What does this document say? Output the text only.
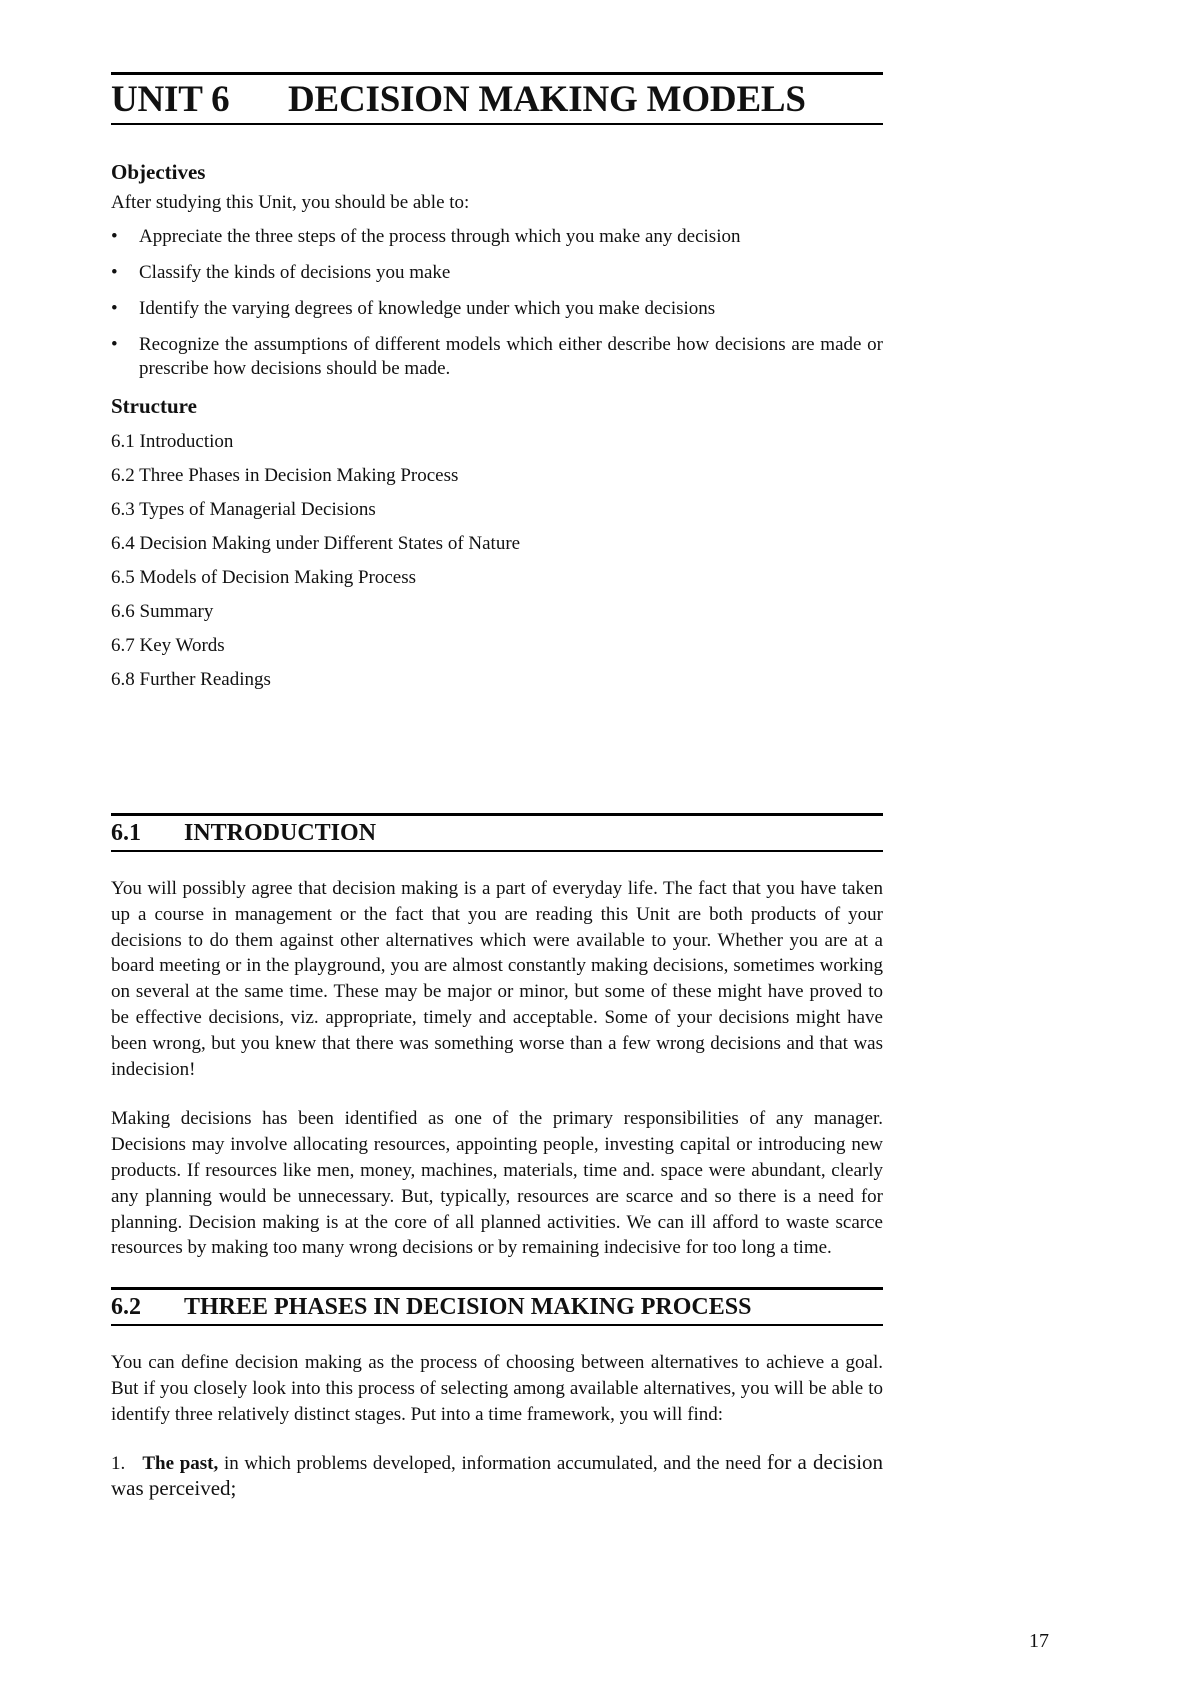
UNIT 6 DECISION MAKING MODELS
Objectives
After studying this Unit, you should be able to:
• Appreciate the three steps of the process through which you make any decision
• Classify the kinds of decisions you make
• Identify the varying degrees of knowledge under which you make decisions
• Recognize the assumptions of different models which either describe how decisions are made or prescribe how decisions should be made.
Structure
6.1 Introduction
6.2 Three Phases in Decision Making Process
6.3 Types of Managerial Decisions
6.4 Decision Making under Different States of Nature
6.5 Models of Decision Making Process
6.6 Summary
6.7 Key Words
6.8 Further Readings
6.1 INTRODUCTION

You will possibly agree that decision making is a part of everyday life. The fact that you have taken up a course in management or the fact that you are reading this Unit are both products of your decisions to do them against other alternatives which were available to your. Whether you are at a board meeting or in the playground, you are almost constantly making decisions, sometimes working on several at the same time. These may be major or minor, but some of these might have proved to be effective decisions, viz. appropriate, timely and acceptable. Some of your decisions might have been wrong, but you knew that there was something worse than a few wrong decisions and that was indecision!

Making decisions has been identified as one of the primary responsibilities of any manager. Decisions may involve allocating resources, appointing people, investing capital or introducing new products. If resources like men, money, machines, materials, time and. space were abundant, clearly any planning would be unnecessary. But, typically, resources are scarce and so there is a need for planning. Decision making is at the core of all planned activities. We can ill afford to waste scarce resources by making too many wrong decisions or by remaining indecisive for too long a time.

6.2 THREE PHASES IN DECISION MAKING PROCESS

You can define decision making as the process of choosing between alternatives to achieve a goal. But if you closely look into this process of selecting among available alternatives, you will be able to identify three relatively distinct stages. Put into a time framework, you will find:

1. The past, in which problems developed, information accumulated, and the need for a decision was perceived;
17
